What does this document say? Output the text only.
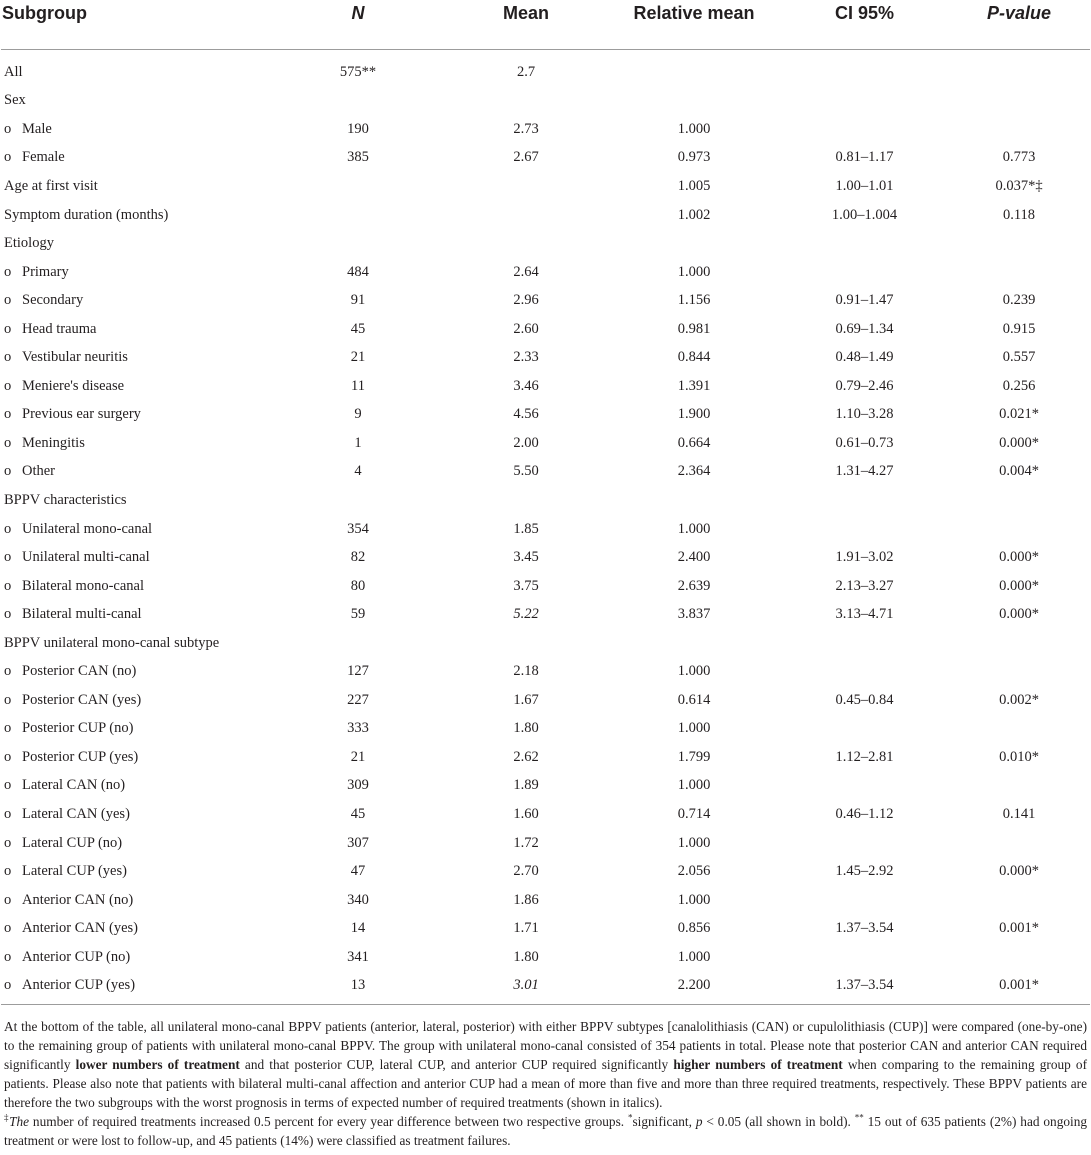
Subgroup	N	Mean	Relative mean	CI 95%	P-value
All	575**	2.7			
Sex					
o Male	190	2.73	1.000		
o Female	385	2.67	0.973	0.81–1.17	0.773
Age at first visit			1.005	1.00–1.01	0.037*‡
Symptom duration (months)			1.002	1.00–1.004	0.118
Etiology					
o Primary	484	2.64	1.000		
o Secondary	91	2.96	1.156	0.91–1.47	0.239
o Head trauma	45	2.60	0.981	0.69–1.34	0.915
o Vestibular neuritis	21	2.33	0.844	0.48–1.49	0.557
o Meniere's disease	11	3.46	1.391	0.79–2.46	0.256
o Previous ear surgery	9	4.56	1.900	1.10–3.28	0.021*
o Meningitis	1	2.00	0.664	0.61–0.73	0.000*
o Other	4	5.50	2.364	1.31–4.27	0.004*
BPPV characteristics					
o Unilateral mono-canal	354	1.85	1.000		
o Unilateral multi-canal	82	3.45	2.400	1.91–3.02	0.000*
o Bilateral mono-canal	80	3.75	2.639	2.13–3.27	0.000*
o Bilateral multi-canal	59	5.22	3.837	3.13–4.71	0.000*
BPPV unilateral mono-canal subtype					
o Posterior CAN (no)	127	2.18	1.000		
o Posterior CAN (yes)	227	1.67	0.614	0.45–0.84	0.002*
o Posterior CUP (no)	333	1.80	1.000		
o Posterior CUP (yes)	21	2.62	1.799	1.12–2.81	0.010*
o Lateral CAN (no)	309	1.89	1.000		
o Lateral CAN (yes)	45	1.60	0.714	0.46–1.12	0.141
o Lateral CUP (no)	307	1.72	1.000		
o Lateral CUP (yes)	47	2.70	2.056	1.45–2.92	0.000*
o Anterior CAN (no)	340	1.86	1.000		
o Anterior CAN (yes)	14	1.71	0.856	1.37–3.54	0.001*
o Anterior CUP (no)	341	1.80	1.000		
o Anterior CUP (yes)	13	3.01	2.200	1.37–3.54	0.001*

At the bottom of the table, all unilateral mono-canal BPPV patients (anterior, lateral, posterior) with either BPPV subtypes [canalolithiasis (CAN) or cupulolithiasis (CUP)] were compared (one-by-one) to the remaining group of patients with unilateral mono-canal BPPV. The group with unilateral mono-canal consisted of 354 patients in total. Please note that posterior CAN and anterior CAN required significantly lower numbers of treatment and that posterior CUP, lateral CUP, and anterior CUP required significantly higher numbers of treatment when comparing to the remaining group of patients. Please also note that patients with bilateral multi-canal affection and anterior CUP had a mean of more than five and more than three required treatments, respectively. These BPPV patients are therefore the two subgroups with the worst prognosis in terms of expected number of required treatments (shown in italics).

‡The number of required treatments increased 0.5 percent for every year difference between two respective groups. *significant, p < 0.05 (all shown in bold). ** 15 out of 635 patients (2%) had ongoing treatment or were lost to follow-up, and 45 patients (14%) were classified as treatment failures.
